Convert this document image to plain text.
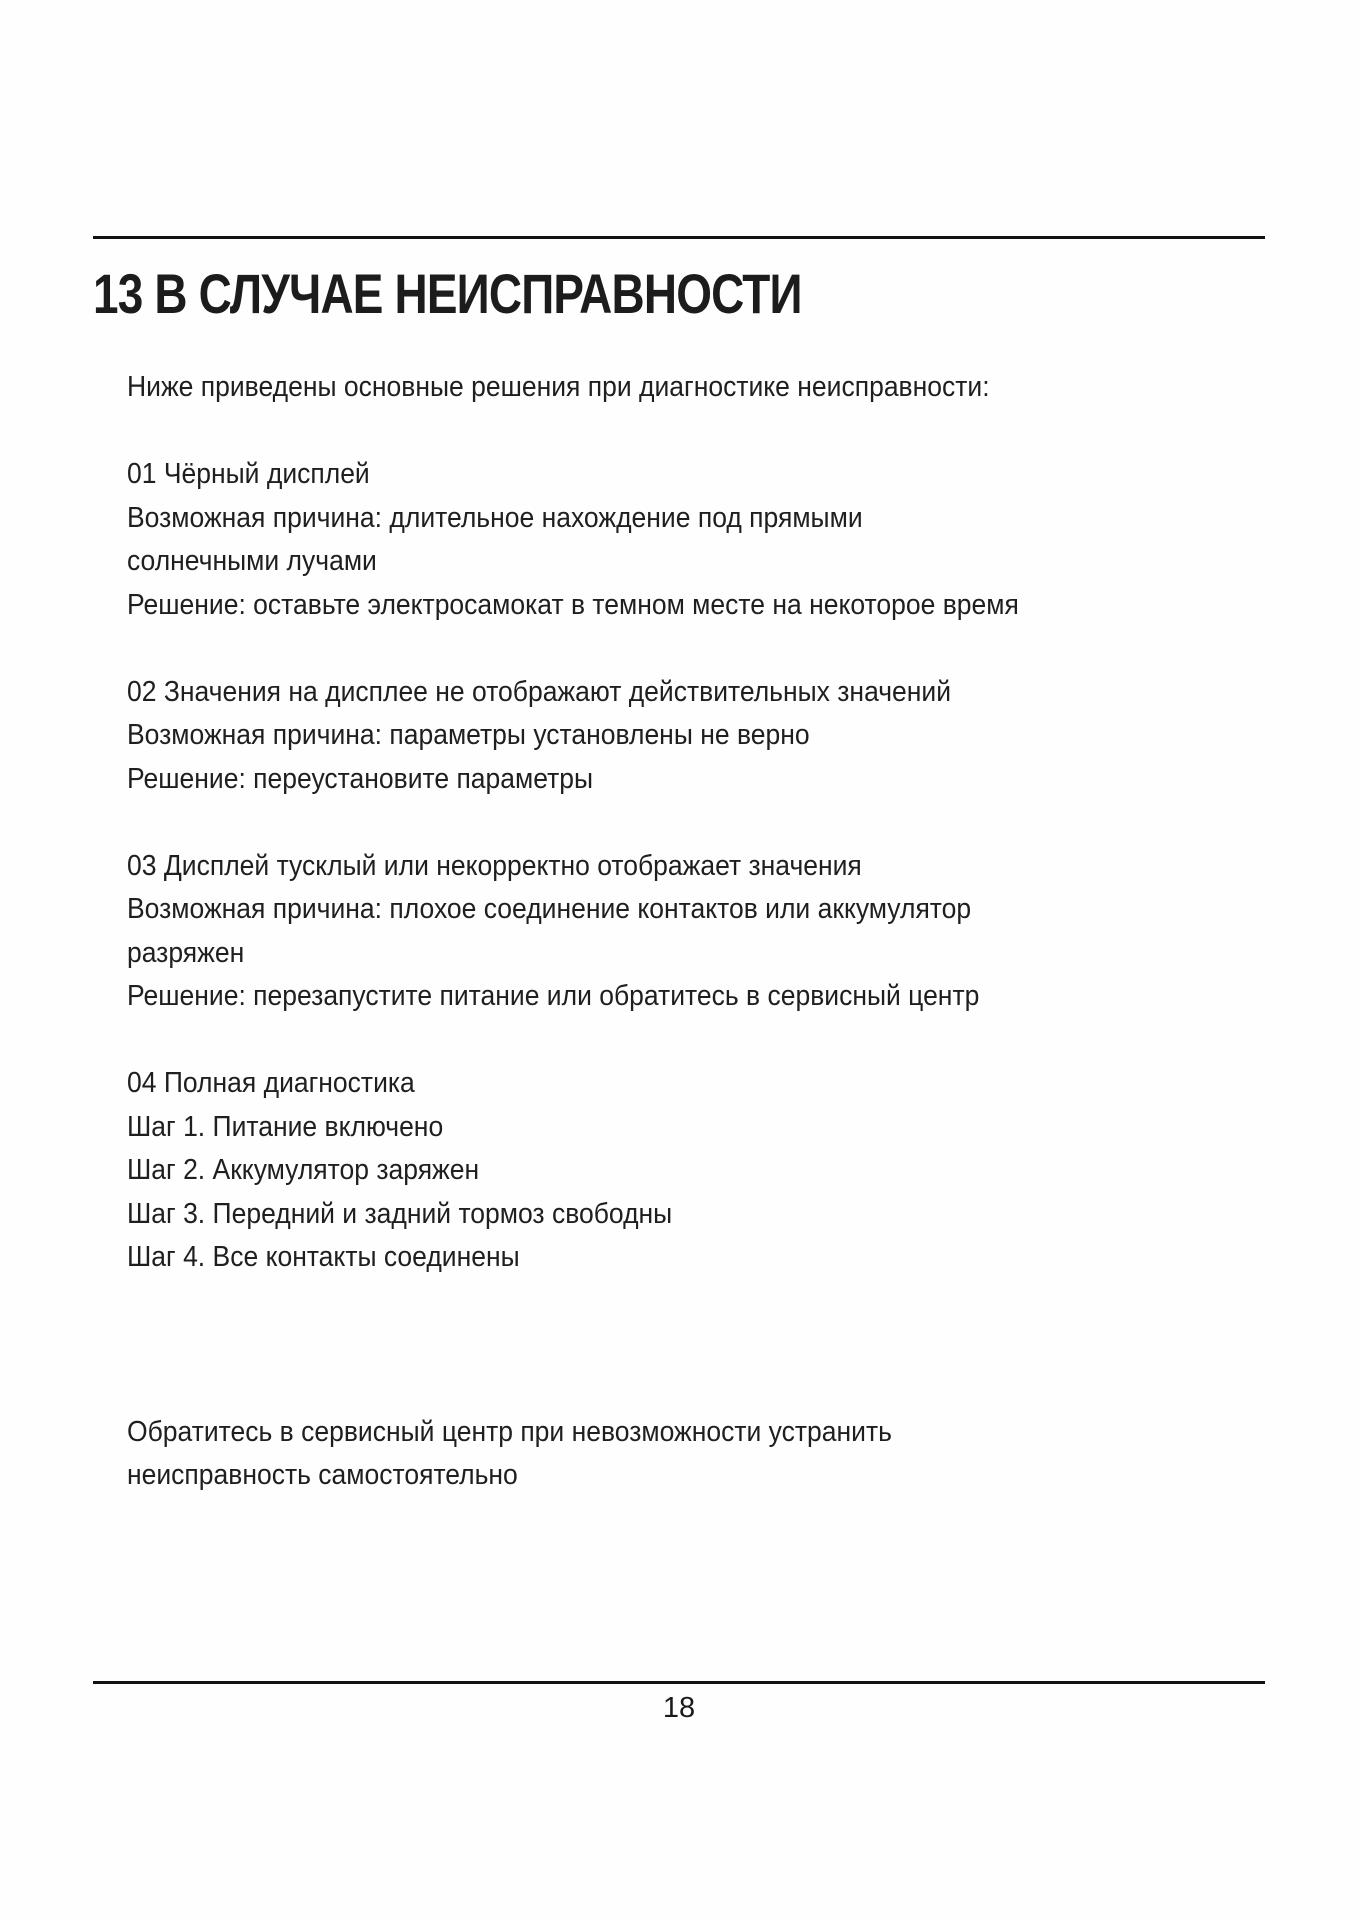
13 В СЛУЧАЕ НЕИСПРАВНОСТИ
Ниже приведены основные решения при диагностике неисправности:
01 Чёрный дисплей
Возможная причина: длительное нахождение под прямыми
солнечными лучами
Решение: оставьте электросамокат в темном месте на некоторое время
02 Значения на дисплее не отображают действительных значений
Возможная причина: параметры установлены не верно
Решение: переустановите параметры
03 Дисплей тусклый или некорректно отображает значения
Возможная причина: плохое соединение контактов или аккумулятор
разряжен
Решение: перезапустите питание или обратитесь в сервисный центр
04 Полная диагностика
Шаг 1. Питание включено
Шаг 2. Аккумулятор заряжен
Шаг 3. Передний и задний тормоз свободны
Шаг 4. Все контакты соединены
Обратитесь в сервисный центр при невозможности устранить
неисправность самостоятельно
18
